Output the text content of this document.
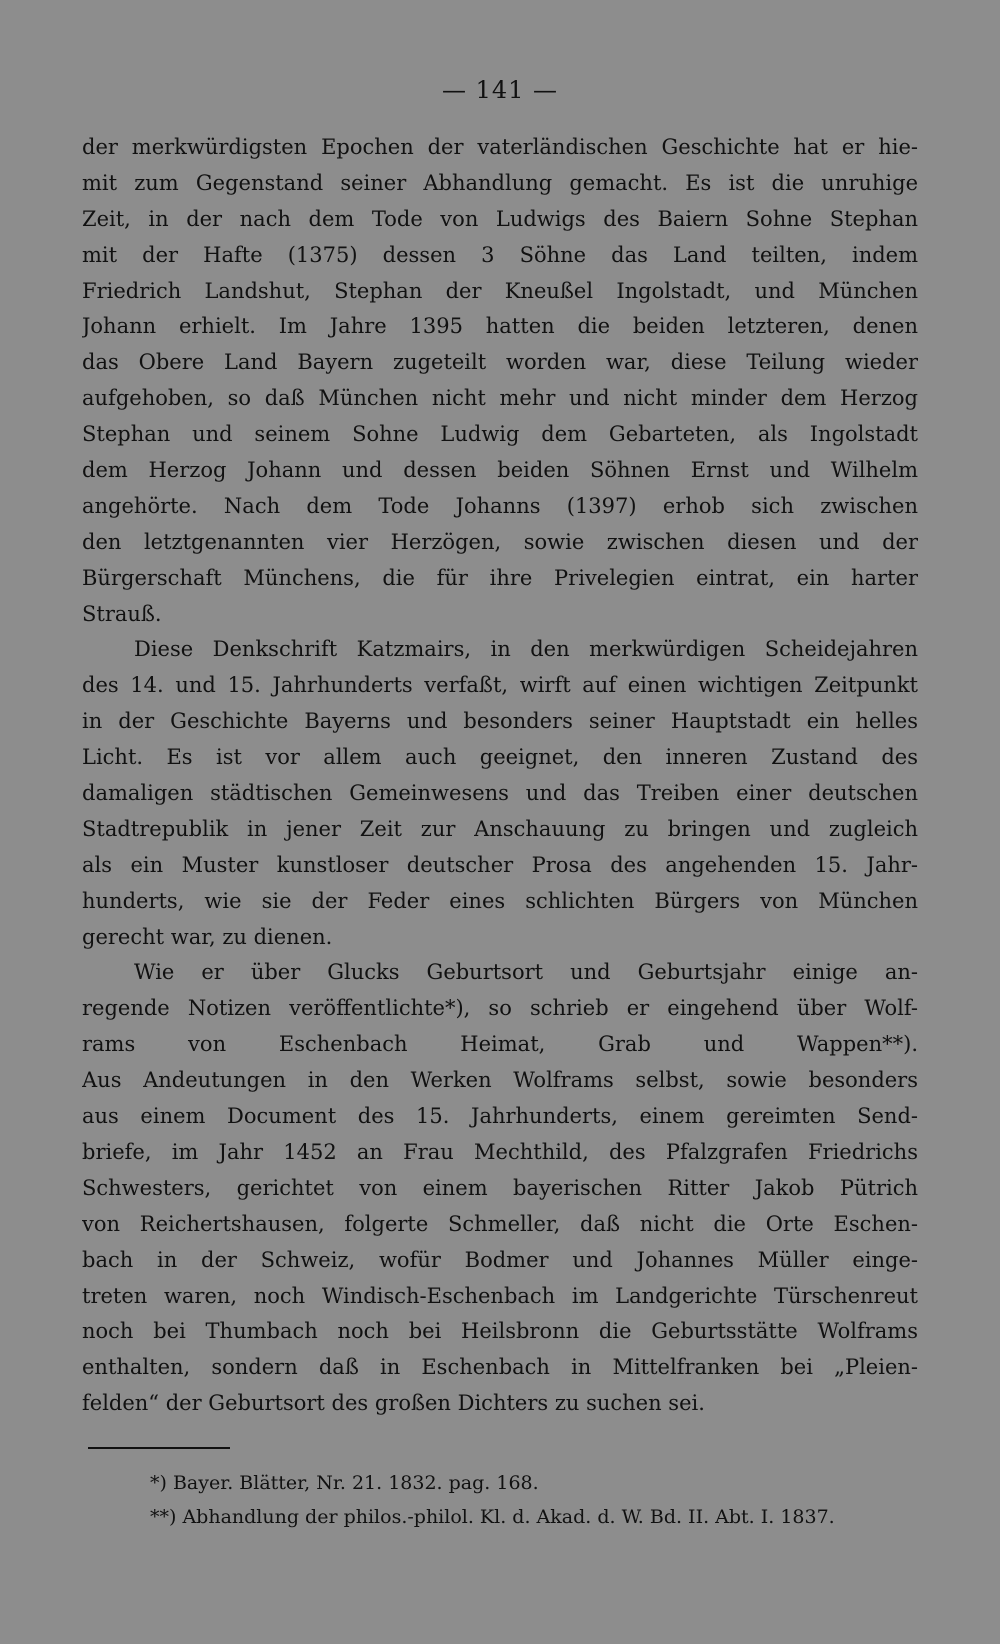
— 141 —
der merkwürdigsten Epochen der vaterländischen Geschichte hat er hie-
mit zum Gegenstand seiner Abhandlung gemacht. Es ist die unruhige
Zeit, in der nach dem Tode von Ludwigs des Baiern Sohne Stephan
mit der Hafte (1375) dessen 3 Söhne das Land teilten, indem
Friedrich Landshut, Stephan der Kneußel Ingolstadt, und München
Johann erhielt. Im Jahre 1395 hatten die beiden letzteren, denen
das Obere Land Bayern zugeteilt worden war, diese Teilung wieder
aufgehoben, so daß München nicht mehr und nicht minder dem Herzog
Stephan und seinem Sohne Ludwig dem Gebarteten, als Ingolstadt
dem Herzog Johann und dessen beiden Söhnen Ernst und Wilhelm
angehörte. Nach dem Tode Johanns (1397) erhob sich zwischen
den letztgenannten vier Herzögen, sowie zwischen diesen und der
Bürgerschaft Münchens, die für ihre Privelegien eintrat, ein harter
Strauß.
Diese Denkschrift Katzmairs, in den merkwürdigen Scheidejahren
des 14. und 15. Jahrhunderts verfaßt, wirft auf einen wichtigen Zeitpunkt
in der Geschichte Bayerns und besonders seiner Hauptstadt ein helles
Licht. Es ist vor allem auch geeignet, den inneren Zustand des
damaligen städtischen Gemeinwesens und das Treiben einer deutschen
Stadtrepublik in jener Zeit zur Anschauung zu bringen und zugleich
als ein Muster kunstloser deutscher Prosa des angehenden 15. Jahr-
hunderts, wie sie der Feder eines schlichten Bürgers von München
gerecht war, zu dienen.
Wie er über Glucks Geburtsort und Geburtsjahr einige an-
regende Notizen veröffentlichte*), so schrieb er eingehend über Wolf-
rams von Eschenbach Heimat, Grab und Wappen**).
Aus Andeutungen in den Werken Wolframs selbst, sowie besonders
aus einem Document des 15. Jahrhunderts, einem gereimten Send-
briefe, im Jahr 1452 an Frau Mechthild, des Pfalzgrafen Friedrichs
Schwesters, gerichtet von einem bayerischen Ritter Jakob Pütrich
von Reichertshausen, folgerte Schmeller, daß nicht die Orte Eschen-
bach in der Schweiz, wofür Bodmer und Johannes Müller einge-
treten waren, noch Windisch-Eschenbach im Landgerichte Türschenreut
noch bei Thumbach noch bei Heilsbronn die Geburtsstätte Wolframs
enthalten, sondern daß in Eschenbach in Mittelfranken bei „Pleien-
felden“ der Geburtsort des großen Dichters zu suchen sei.
*) Bayer. Blätter, Nr. 21. 1832. pag. 168.
**) Abhandlung der philos.-philol. Kl. d. Akad. d. W. Bd. II. Abt. I. 1837.
